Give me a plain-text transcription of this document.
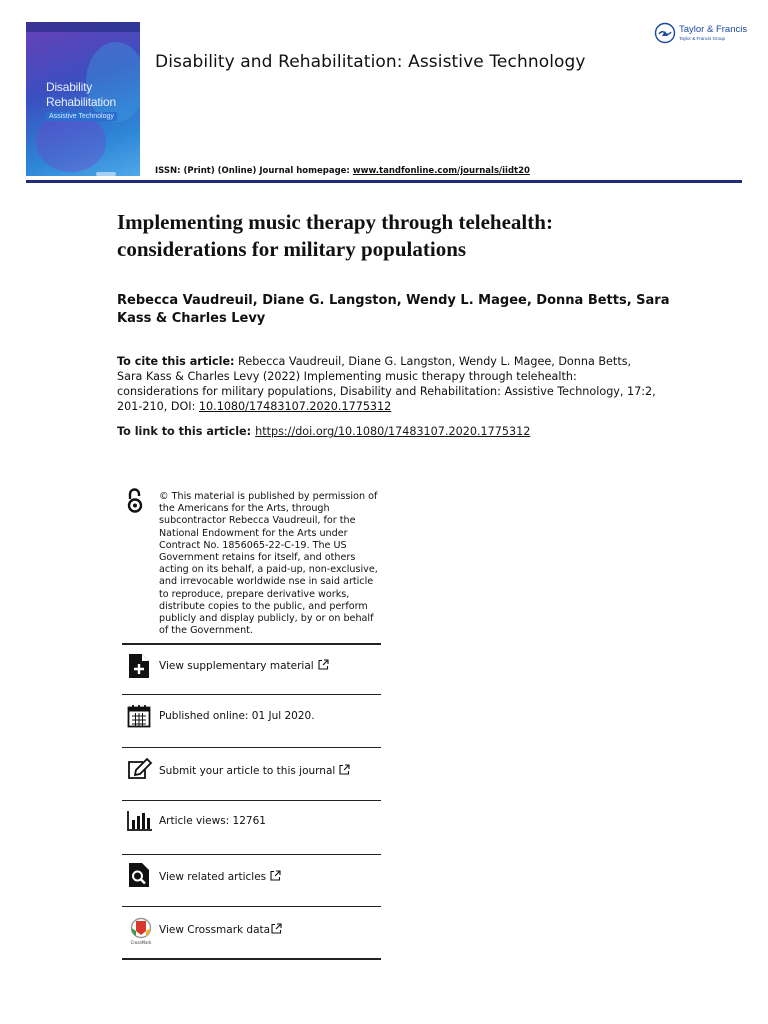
Disability
Rehabilitation
Assistive Technology
Disability and Rehabilitation: Assistive Technology
ISSN: (Print) (Online) Journal homepage: www.tandfonline.com/journals/iidt20
Taylor & Francis
Taylor & Francis Group
Implementing music therapy through telehealth: considerations for military populations
Rebecca Vaudreuil, Diane G. Langston, Wendy L. Magee, Donna Betts, Sara Kass & Charles Levy
To cite this article: Rebecca Vaudreuil, Diane G. Langston, Wendy L. Magee, Donna Betts, Sara Kass & Charles Levy (2022) Implementing music therapy through telehealth: considerations for military populations, Disability and Rehabilitation: Assistive Technology, 17:2, 201-210, DOI: 10.1080/17483107.2020.1775312
To link to this article: https://doi.org/10.1080/17483107.2020.1775312
© This material is published by permission of the Americans for the Arts, through subcontractor Rebecca Vaudreuil, for the National Endowment for the Arts under Contract No. 1856065-22-C-19. The US Government retains for itself, and others acting on its behalf, a paid-up, non-exclusive, and irrevocable worldwide nse in said article to reproduce, prepare derivative works, distribute copies to the public, and perform publicly and display publicly, by or on behalf of the Government.
View supplementary material
Published online: 01 Jul 2020.
Submit your article to this journal
Article views: 12761
View related articles
CrossMark
View Crossmark data
